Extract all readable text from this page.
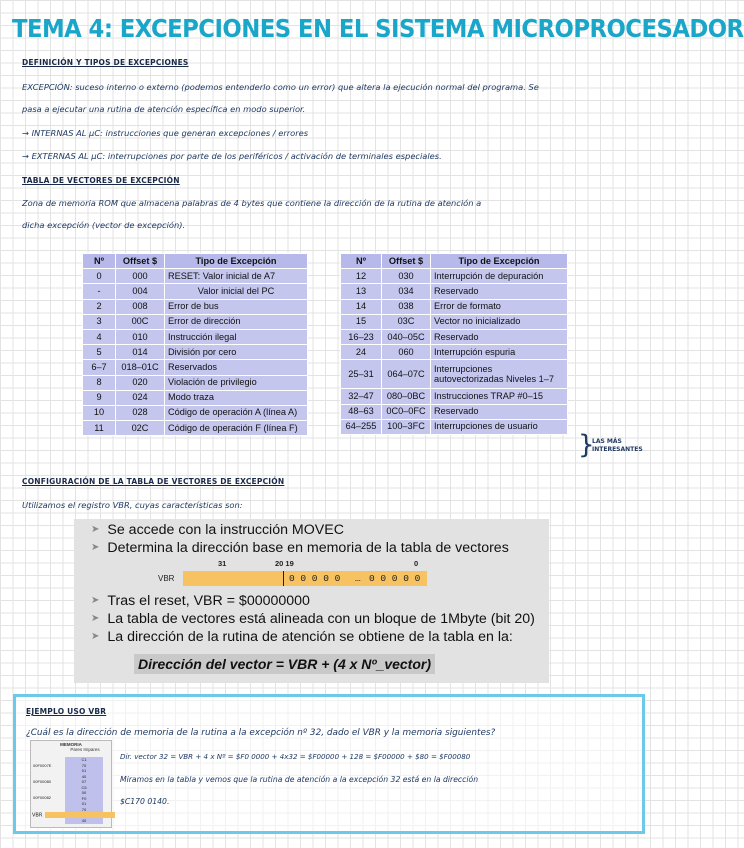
TEMA 4: EXCEPCIONES EN EL SISTEMA MICROPROCESADOR
DEFINICIÓN Y TIPOS DE EXCEPCIONES
EXCEPCIÓN: suceso interno o externo (podemos entenderlo como un error) que altera la ejecución normal del programa. Se
pasa a ejecutar una rutina de atención específica en modo superior.
→ INTERNAS AL μC: instrucciones que generan excepciones / errores
→ EXTERNAS AL μC: interrupciones por parte de los periféricos / activación de terminales especiales.
TABLA DE VECTORES DE EXCEPCIÓN
Zona de memoria ROM que almacena palabras de 4 bytes que contiene la dirección de la rutina de atención a
dicha excepción (vector de excepción).
Nº	Offset $	Tipo de Excepción
0	000	RESET: Valor inicial de A7
-	004	Valor inicial del PC
2	008	Error de bus
3	00C	Error de dirección
4	010	Instrucción ilegal
5	014	División por cero
6–7	018–01C	Reservados
8	020	Violación de privilegio
9	024	Modo traza
10	028	Código de operación A (línea A)
11	02C	Código de operación F (línea F)
Nº	Offset $	Tipo de Excepción
12	030	Interrupción de depuración
13	034	Reservado
14	038	Error de formato
15	03C	Vector no inicializado
16–23	040–05C	Reservado
24	060	Interrupción espuria
25–31	064–07C	Interrupciones autovectorizadas Niveles 1–7
32–47	080–0BC	Instrucciones TRAP #0–15
48–63	0C0–0FC	Reservado
64–255	100–3FC	Interrupciones de usuario
}
LAS MÁS
INTERESANTES
CONFIGURACIÓN DE LA TABLA DE VECTORES DE EXCEPCIÓN
Utilizamos el registro VBR, cuyas características son:
➤ Se accede con la instrucción MOVEC
➤ Determina la dirección base en memoria de la tabla de vectores
31	20 19	0
VBR	0 0 0 0 0 … 0 0 0 0 0
➤ Tras el reset, VBR = $00000000
➤ La tabla de vectores está alineada con un bloque de 1Mbyte (bit 20)
➤ La dirección de la rutina de atención se obtiene de la tabla en la:
Dirección del vector = VBR + (4 x Nº_vector)
EJEMPLO USO VBR
¿Cuál es la dirección de memoria de la rutina a la excepción nº 32, dado el VBR y la memoria siguientes?
Dir. vector 32 = VBR + 4 x Nº = $F0 0000 + 4x32 = $F00000 + 128 = $F00000 + $80 = $F00080
Miramos en la tabla y vemos que la rutina de atención a la excepción 32 está en la dirección
$C170 0140.
MEMORIA
Pares Impares
00F0007E
00F00080
00F00082
C1
70
01
40
07
C5
00
F0
01
70
40
VBR
